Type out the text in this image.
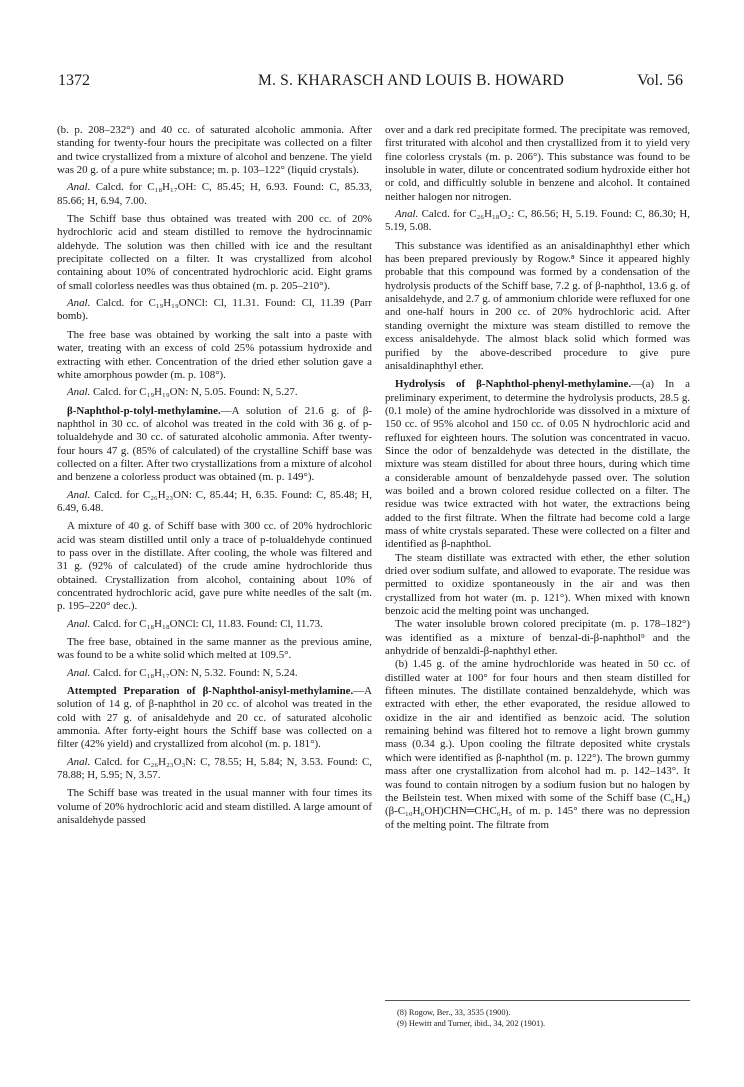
1372	M. S. KHARASCH AND LOUIS B. HOWARD	Vol. 56

(b. p. 208–232°) and 40 cc. of saturated alcoholic ammonia. After standing for twenty-four hours the precipitate was collected on a filter and twice crystallized from a mixture of alcohol and benzene. The yield was 20 g. of a pure white substance; m. p. 103–122° (liquid crystals).

Anal. Calcd. for C₁₈H₁₇OH: C, 85.45; H, 6.93. Found: C, 85.33, 85.66; H, 6.94, 7.00.

The Schiff base thus obtained was treated with 200 cc. of 20% hydrochloric acid and steam distilled to remove the hydrocinnamic aldehyde. The solution was then chilled with ice and the resultant precipitate collected on a filter. It was crystallized from alcohol containing about 10% of concentrated hydrochloric acid. Eight grams of small colorless needles was thus obtained (m. p. 205–210°).

Anal. Calcd. for C₁₉H₁₉ONCl: Cl, 11.31. Found: Cl, 11.39 (Parr bomb).

The free base was obtained by working the salt into a paste with water, treating with an excess of cold 25% potassium hydroxide and extracting with ether. Concentration of the dried ether solution gave a white amorphous powder (m. p. 108°).

Anal. Calcd. for C₁₉H₁₉ON: N, 5.05. Found: N, 5.27.

β-Naphthol-p-tolyl-methylamine.—A solution of 21.6 g. of β-naphthol in 30 cc. of alcohol was treated in the cold with 36 g. of p-tolualdehyde and 30 cc. of saturated alcoholic ammonia. After twenty-four hours 47 g. (85% of calculated) of the crystalline Schiff base was collected on a filter. After two crystallizations from a mixture of alcohol and benzene a colorless product was obtained (m. p. 149°).

Anal. Calcd. for C₂₆H₂₃ON: C, 85.44; H, 6.35. Found: C, 85.48; H, 6.49, 6.48.

A mixture of 40 g. of Schiff base with 300 cc. of 20% hydrochloric acid was steam distilled until only a trace of p-tolualdehyde continued to pass over in the distillate. After cooling, the whole was filtered and 31 g. (92% of calculated) of the crude amine hydrochloride thus obtained. Crystallization from alcohol, containing about 10% of concentrated hydrochloric acid, gave pure white needles of the salt (m. p. 195–220° dec.).

Anal. Calcd. for C₁₈H₁₈ONCl: Cl, 11.83. Found: Cl, 11.73.

The free base, obtained in the same manner as the previous amine, was found to be a white solid which melted at 109.5°.

Anal. Calcd. for C₁₈H₁₇ON: N, 5.32. Found: N, 5.24.

Attempted Preparation of β-Naphthol-anisyl-methylamine.—A solution of 14 g. of β-naphthol in 20 cc. of alcohol was treated in the cold with 27 g. of anisaldehyde and 20 cc. of saturated alcoholic ammonia. After forty-eight hours the Schiff base was collected on a filter (42% yield) and crystallized from alcohol (m. p. 181°).

Anal. Calcd. for C₂₆H₂₃O₃N: C, 78.55; H, 5.84; N, 3.53. Found: C, 78.88; H, 5.95; N, 3.57.

The Schiff base was treated in the usual manner with four times its volume of 20% hydrochloric acid and steam distilled. A large amount of anisaldehyde passed

over and a dark red precipitate formed. The precipitate was removed, first triturated with alcohol and then crystallized from it to yield very fine colorless crystals (m. p. 206°). This substance was found to be insoluble in water, dilute or concentrated sodium hydroxide either hot or cold, and difficultly soluble in benzene and alcohol. It contained neither halogen nor nitrogen.

Anal. Calcd. for C₂₆H₁₈O₂: C, 86.56; H, 5.19. Found: C, 86.30; H, 5.19, 5.08.

This substance was identified as an anisaldinaphthyl ether which has been prepared previously by Rogow.⁸ Since it appeared highly probable that this compound was formed by a condensation of the hydrolysis products of the Schiff base, 7.2 g. of β-naphthol, 13.6 g. of anisaldehyde, and 2.7 g. of ammonium chloride were refluxed for one and one-half hours in 200 cc. of 20% hydrochloric acid. After standing overnight the mixture was steam distilled to remove the excess anisaldehyde. The almost black solid which formed was purified by the above-described procedure to give pure anisaldinaphthyl ether.

Hydrolysis of β-Naphthol-phenyl-methylamine.—(a) In a preliminary experiment, to determine the hydrolysis products, 28.5 g. (0.1 mole) of the amine hydrochloride was dissolved in a mixture of 150 cc. of 95% alcohol and 150 cc. of 0.05 N hydrochloric acid and refluxed for eighteen hours. The solution was concentrated in vacuo. Since the odor of benzaldehyde was detected in the distillate, the mixture was steam distilled for about three hours, during which time a considerable amount of benzaldehyde passed over. The solution was boiled and a brown colored residue collected on a filter. The residue was twice extracted with hot water, the extractions being added to the first filtrate. When the filtrate had become cold a large mass of white crystals separated. These were collected on a filter and identified as β-naphthol.

The steam distillate was extracted with ether, the ether solution dried over sodium sulfate, and allowed to evaporate. The residue was permitted to oxidize spontaneously in the air and was then crystallized from hot water (m. p. 121°). When mixed with known benzoic acid the melting point was unchanged.

The water insoluble brown colored precipitate (m. p. 178–182°) was identified as a mixture of benzal-di-β-naphthol⁹ and the anhydride of benzaldi-β-naphthyl ether.

(b) 1.45 g. of the amine hydrochloride was heated in 50 cc. of distilled water at 100° for four hours and then steam distilled for fifteen minutes. The distillate contained benzaldehyde, which was extracted with ether, the ether evaporated, the residue allowed to oxidize in the air and identified as benzoic acid. The solution remaining behind was filtered hot to remove a light brown gummy mass (0.34 g.). Upon cooling the filtrate deposited white crystals which were identified as β-naphthol (m. p. 122°). The brown gummy mass after one crystallization from alcohol had m. p. 142–143°. It was found to contain nitrogen by a sodium fusion but no halogen by the Beilstein test. When mixed with some of the Schiff base (C₆H₄)(β-C₁₀H₆OH)CHN═CHC₆H₅ of m. p. 145° there was no depression of the melting point. The filtrate from

(8) Rogow, Ber., 33, 3535 (1900).
(9) Hewitt and Turner, ibid., 34, 202 (1901).
